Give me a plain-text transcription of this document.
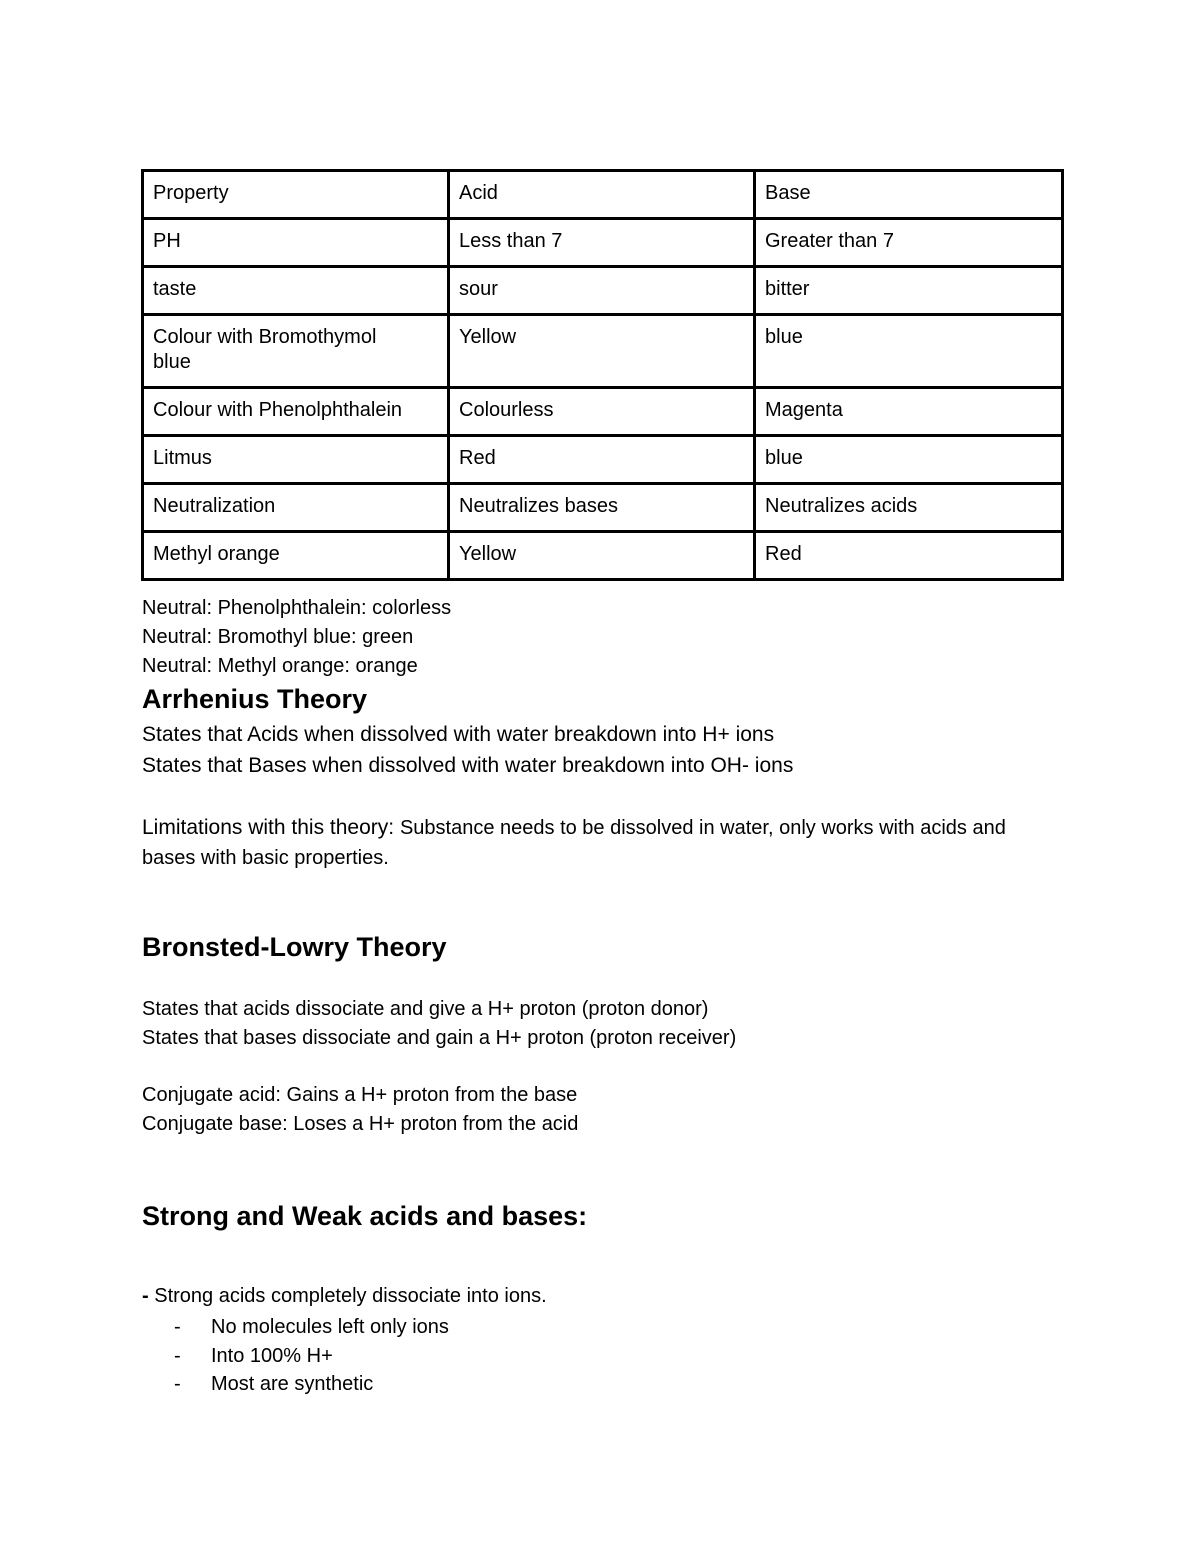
Property	Acid	Base
PH	Less than 7	Greater than 7
taste	sour	bitter
Colour with Bromothymol blue	Yellow	blue
Colour with Phenolphthalein	Colourless	Magenta
Litmus	Red	blue
Neutralization	Neutralizes bases	Neutralizes acids
Methyl orange	Yellow	Red
Neutral: Phenolphthalein: colorless
Neutral: Bromothyl blue: green
Neutral: Methyl orange: orange
Arrhenius Theory
States that Acids when dissolved with water breakdown into H+ ions
States that Bases when dissolved with water breakdown into OH- ions
Limitations with this theory: Substance needs to be dissolved in water, only works with acids and bases with basic properties.
Bronsted-Lowry Theory
States that acids dissociate and give a H+ proton (proton donor)
States that bases dissociate and gain a H+ proton (proton receiver)
Conjugate acid: Gains a H+ proton from the base
Conjugate base: Loses a H+ proton from the acid
Strong and Weak acids and bases:
- Strong acids completely dissociate into ions.
- No molecules left only ions
- Into 100% H+
- Most are synthetic
